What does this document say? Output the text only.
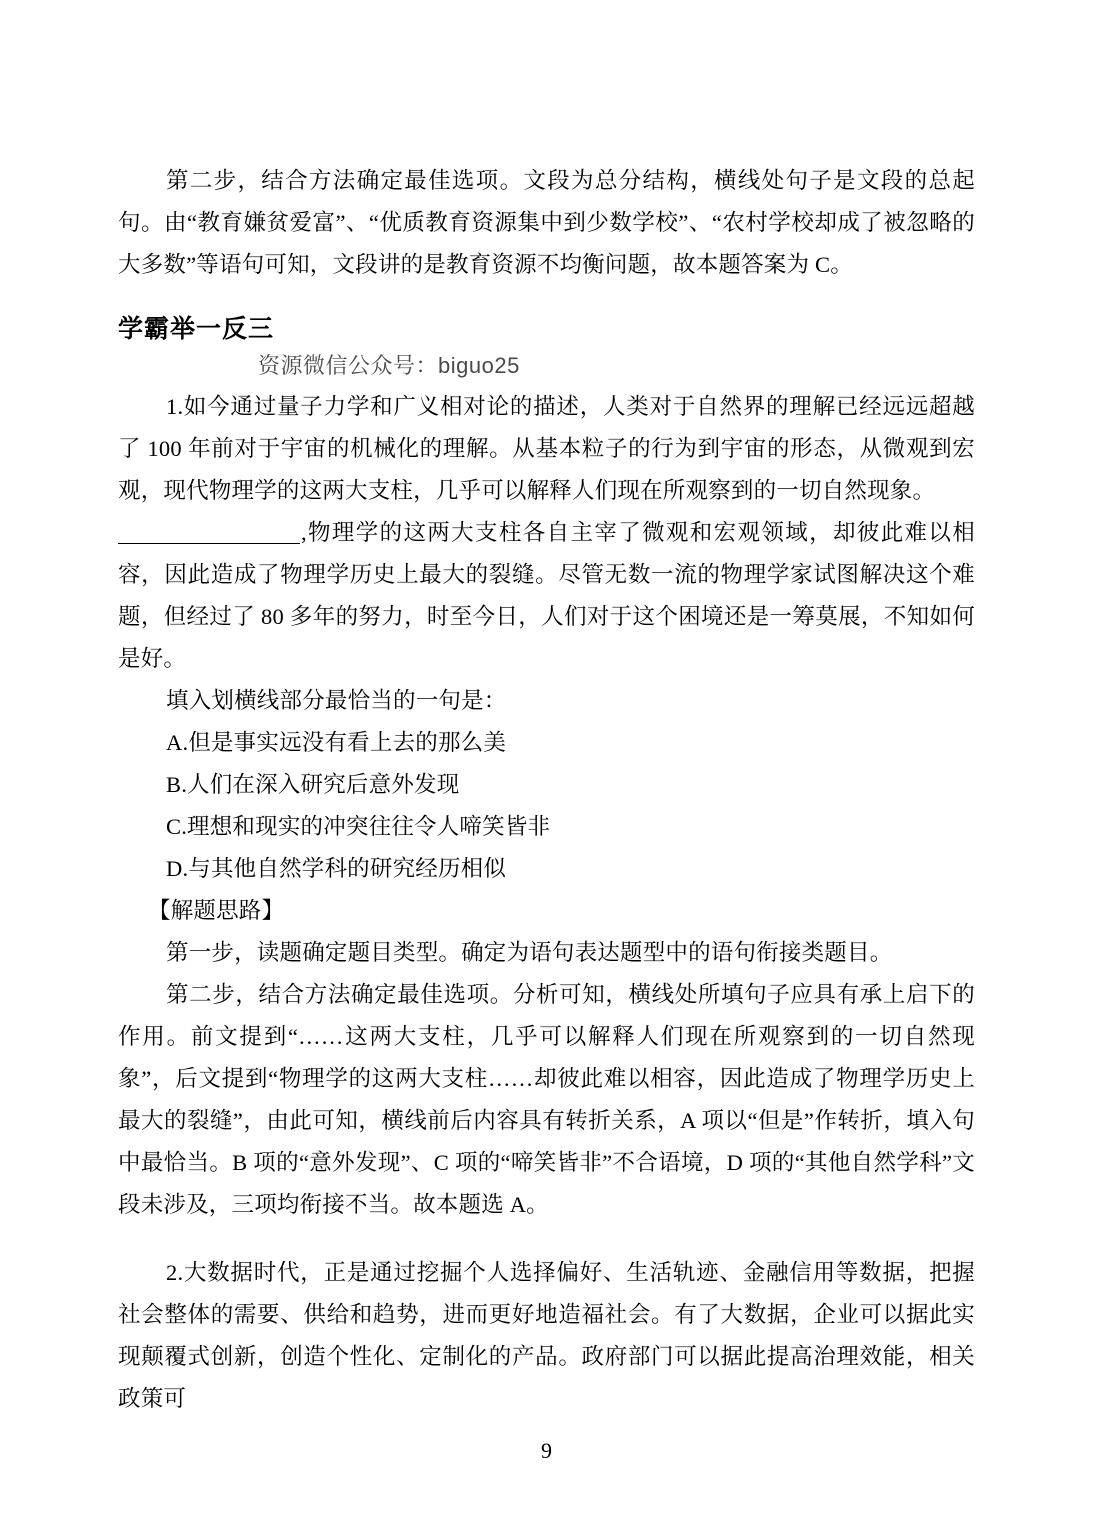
第二步，结合方法确定最佳选项。文段为总分结构，横线处句子是文段的总起句。由“教育嫌贫爱富”、“优质教育资源集中到少数学校”、“农村学校却成了被忽略的大多数”等语句可知，文段讲的是教育资源不均衡问题，故本题答案为 C。

学霸举一反三
资源微信公众号：biguo25

1.如今通过量子力学和广义相对论的描述，人类对于自然界的理解已经远远超越了 100 年前对于宇宙的机械化的理解。从基本粒子的行为到宇宙的形态，从微观到宏观，现代物理学的这两大支柱，几乎可以解释人们现在所观察到的一切自然现象。

,物理学的这两大支柱各自主宰了微观和宏观领域，却彼此难以相容，因此造成了物理学历史上最大的裂缝。尽管无数一流的物理学家试图解决这个难题，但经过了 80 多年的努力，时至今日，人们对于这个困境还是一筹莫展，不知如何是好。

填入划横线部分最恰当的一句是：

A.但是事实远没有看上去的那么美

B.人们在深入研究后意外发现

C.理想和现实的冲突往往令人啼笑皆非

D.与其他自然学科的研究经历相似

【解题思路】

第一步，读题确定题目类型。确定为语句表达题型中的语句衔接类题目。

第二步，结合方法确定最佳选项。分析可知，横线处所填句子应具有承上启下的作用。前文提到“……这两大支柱，几乎可以解释人们现在所观察到的一切自然现象”，后文提到“物理学的这两大支柱……却彼此难以相容，因此造成了物理学历史上最大的裂缝”，由此可知，横线前后内容具有转折关系，A 项以“但是”作转折，填入句中最恰当。B 项的“意外发现”、C 项的“啼笑皆非”不合语境，D 项的“其他自然学科”文段未涉及，三项均衔接不当。故本题选 A。

2.大数据时代，正是通过挖掘个人选择偏好、生活轨迹、金融信用等数据，把握社会整体的需要、供给和趋势，进而更好地造福社会。有了大数据，企业可以据此实现颠覆式创新，创造个性化、定制化的产品。政府部门可以据此提高治理效能，相关政策可

9
